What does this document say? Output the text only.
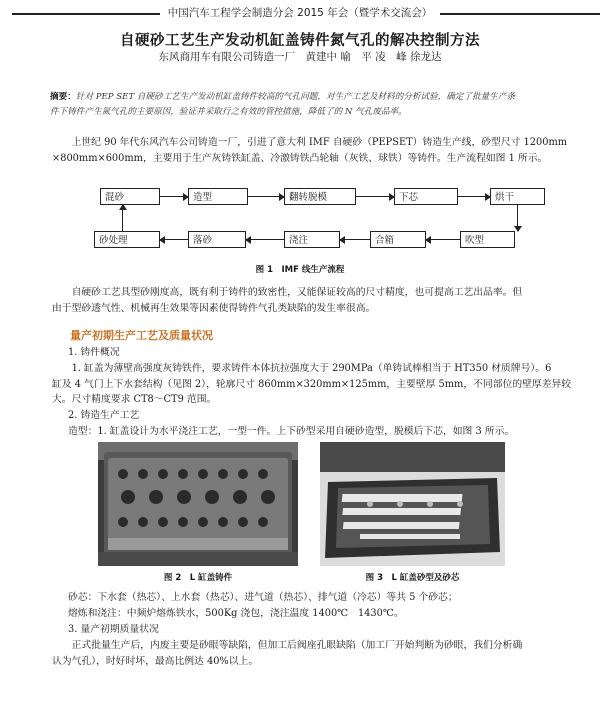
中国汽车工程学会制造分会 2015 年会（暨学术交流会）
自硬砂工艺生产发动机缸盖铸件氮气孔的解决控制方法
东风商用车有限公司铸造一厂　黄建中 喻　平 凌　峰 徐龙达
摘要：针对 PEP SET 自硬砂工艺生产发动机缸盖铸件较高的气孔问题，对生产工艺及材料的分析试验，确定了批量生产条
件下铸件产生氮气孔的主要原因，验证并采取行之有效的管控措施，降低了的 N 气孔废品率。
上世纪 90 年代东风汽车公司铸造一厂，引进了意大利 IMF 自硬砂（PEPSET）铸造生产线，砂型尺寸 1200mm
×800mm×600mm，主要用于生产灰铸铁缸盖、冷激铸铁凸轮轴（灰铁、球铁）等铸件。生产流程如图 1 所示。
混砂	造型	翻转脱模	下芯	烘干
吹型
合箱
浇注
落砂
砂处理
图 1　IMF 线生产流程
自硬砂工艺具型砂刚度高，既有利于铸件的致密性，又能保证较高的尺寸精度，也可提高工艺出品率。但
由于型砂透气性、机械再生效果等因素使得铸件气孔类缺陷的发生率很高。
量产初期生产工艺及质量状况
1. 铸件概况
1. 缸盖为薄壁高强度灰铸铁件，要求铸件本体抗拉强度大于 290MPa（单铸试棒相当于 HT350 材质牌号）。6
缸及 4 气门上下水套结构（见图 2），轮廓尺寸 860mm×320mm×125mm，主要壁厚 5mm，不同部位的壁厚差异较
大。尺寸精度要求 CT8～CT9 范围。
2. 铸造生产工艺
造型：1. 缸盖设计为水平浇注工艺，一型一件。上下砂型采用自硬砂造型，脱模后下芯，如图 3 所示。
图 2　L 缸盖铸件	图 3　L 缸盖砂型及砂芯
砂芯：下水套（热芯）、上水套（热芯）、进气道（热芯）、排气道（冷芯）等共 5 个砂芯；
熔炼和浇注：中频炉熔炼铁水，500Kg 浇包，浇注温度 1400℃　1430℃。
3. 量产初期质量状况
正式批量生产后，内废主要是砂眼等缺陷，但加工后阀座孔眼缺陷（加工厂开始判断为砂眼，我们分析确
认为气孔），时好时坏，最高比例达 40%以上。
